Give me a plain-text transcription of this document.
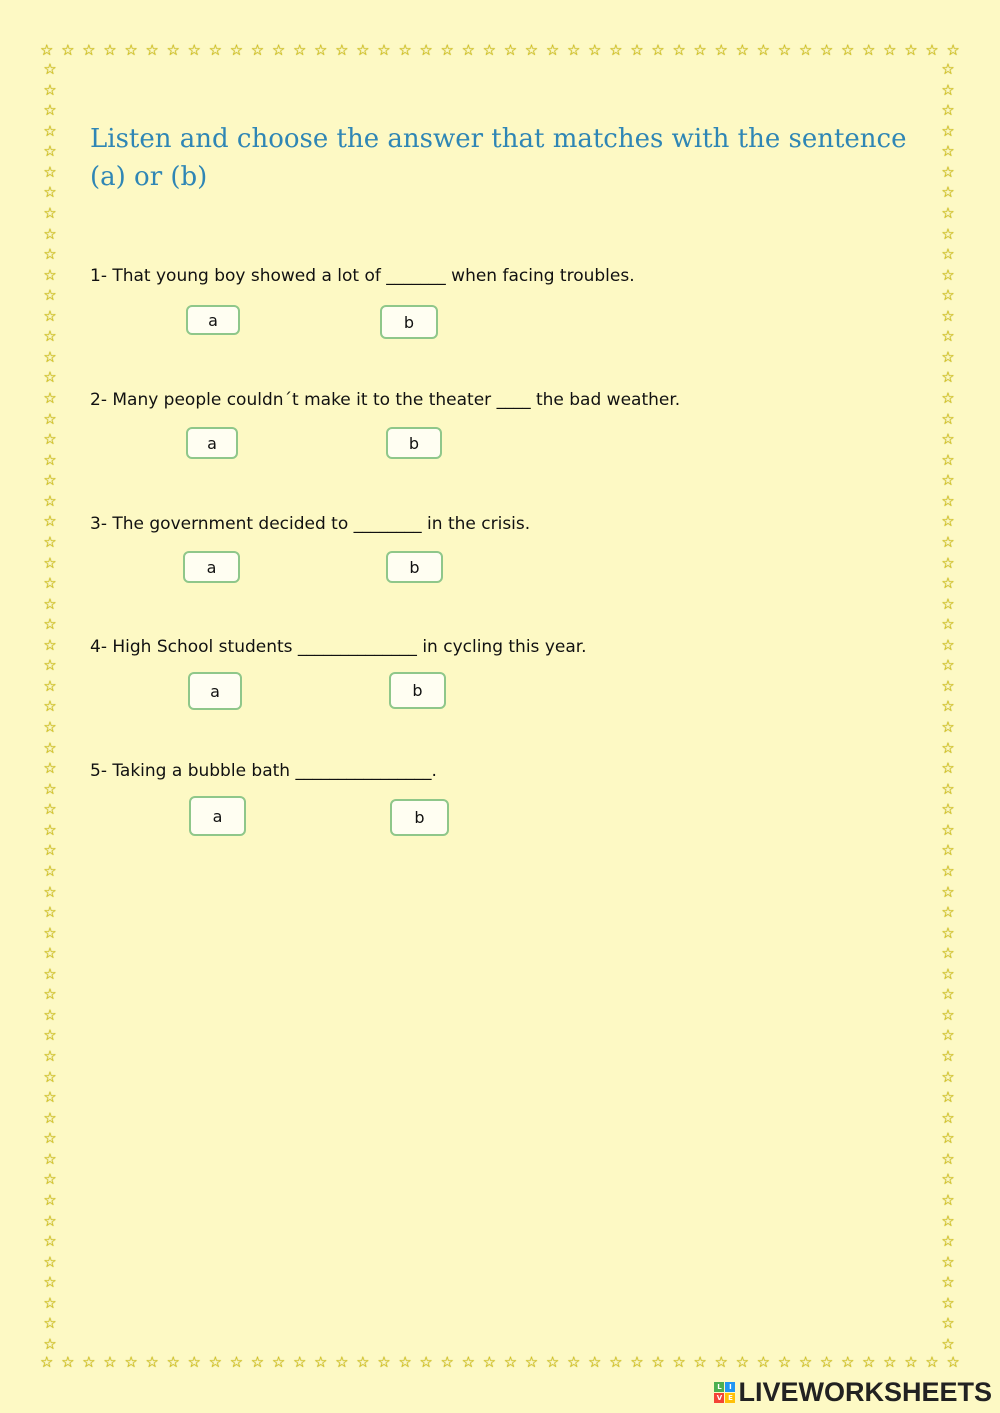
☆ ☆ ☆ ☆ ☆ ☆ ☆ ☆ ☆ ☆ ☆ ☆ ☆ ☆ ☆ ☆ ☆ ☆ ☆ ☆ ☆ ☆ ☆ ☆ ☆ ☆ ☆ ☆ ☆ ☆ ☆ ☆ ☆ ☆ ☆ ☆ ☆ ☆ ☆ ☆ ☆ ☆ ☆ ☆
☆ ☆ ☆ ☆ ☆ ☆ ☆ ☆ ☆ ☆ ☆ ☆ ☆ ☆ ☆ ☆ ☆ ☆ ☆ ☆ ☆ ☆ ☆ ☆ ☆ ☆ ☆ ☆ ☆ ☆ ☆ ☆ ☆ ☆ ☆ ☆ ☆ ☆ ☆ ☆ ☆ ☆ ☆ ☆
☆
☆
☆
☆
☆
☆
☆
☆
☆
☆
☆
☆
☆
☆
☆
☆
☆
☆
☆
☆
☆
☆
☆
☆
☆
☆
☆
☆
☆
☆
☆
☆
☆
☆
☆
☆
☆
☆
☆
☆
☆
☆
☆
☆
☆
☆
☆
☆
☆
☆
☆
☆
☆
☆
☆
☆
☆
☆
☆
☆
☆
☆
☆
☆
☆
☆
☆
☆
☆
☆
☆
☆
☆
☆
☆
☆
☆
☆
☆
☆
☆
☆
☆
☆
☆
☆
☆
☆
☆
☆
☆
☆
☆
☆
☆
☆
☆
☆
☆
☆
☆
☆
☆
☆
☆
☆
☆
☆
☆
☆
☆
☆
☆
☆
☆
☆
☆
☆
☆
☆
☆
☆
☆
☆
☆
☆
Listen and choose the answer that matches with the sentence (a) or (b)

1- That young boy showed a lot of _______ when facing troubles.

a	b

2- Many people couldn´t make it to the theater ____ the bad weather.

a	b

3- The government decided to ________ in the crisis.

a	b

4- High School students ______________ in cycling this year.

a	b

5- Taking a bubble bath ________________.

a	b
L	I
V E LIVEWORKSHEETS
